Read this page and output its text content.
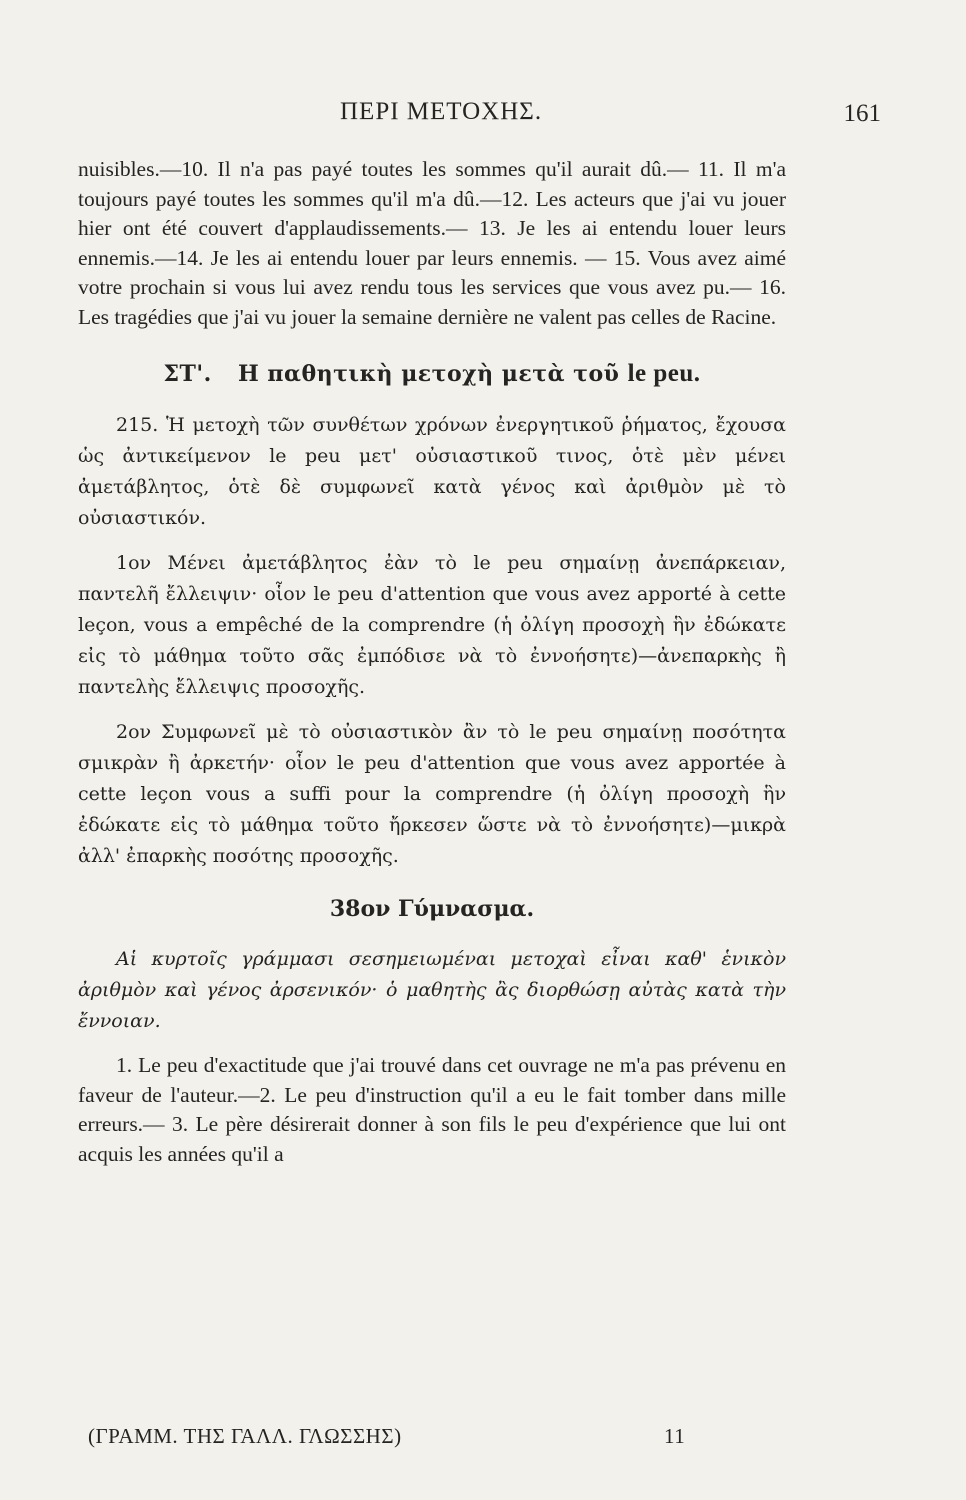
ΠΕΡΙ ΜΕΤΟΧΗΣ.	161

nuisibles.—10. Il n'a pas payé toutes les sommes qu'il aurait dû.— 11. Il m'a toujours payé toutes les sommes qu'il m'a dû.—12. Les acteurs que j'ai vu jouer hier ont été couvert d'applaudissements.— 13. Je les ai entendu louer leurs ennemis.—14. Je les ai entendu louer par leurs ennemis. — 15. Vous avez aimé votre prochain si vous lui avez rendu tous les services que vous avez pu.— 16. Les tragédies que j'ai vu jouer la semaine dernière ne valent pas celles de Racine.

ΣΤ'. Η παθητικὴ μετοχὴ μετὰ τοῦ le peu.

215. Ἡ μετοχὴ τῶν συνθέτων χρόνων ἐνεργητικοῦ ῥήματος, ἔχουσα ὡς ἀντικείμενον le peu μετ' οὐσιαστικοῦ τινος, ὁτὲ μὲν μένει ἀμετάβλητος, ὁτὲ δὲ συμφωνεῖ κατὰ γένος καὶ ἀριθμὸν μὲ τὸ οὐσιαστικόν.

1ον Μένει ἀμετάβλητος ἐὰν τὸ le peu σημαίνῃ ἀνεπάρκειαν, παντελῆ ἔλλειψιν· οἷον le peu d'attention que vous avez apporté à cette leçon, vous a empêché de la comprendre (ἡ ὀλίγη προσοχὴ ἣν ἐδώκατε εἰς τὸ μάθημα τοῦτο σᾶς ἐμπόδισε νὰ τὸ ἐννοήσητε)—ἀνεπαρκὴς ἢ παντελὴς ἔλλειψις προσοχῆς.

2ον Συμφωνεῖ μὲ τὸ οὐσιαστικὸν ἂν τὸ le peu σημαίνῃ ποσότητα σμικρὰν ἢ ἀρκετήν· οἷον le peu d'attention que vous avez apportée à cette leçon vous a suffi pour la comprendre (ἡ ὀλίγη προσοχὴ ἣν ἐδώκατε εἰς τὸ μάθημα τοῦτο ἤρκεσεν ὥστε νὰ τὸ ἐννοήσητε)—μικρὰ ἀλλ' ἐπαρκὴς ποσότης προσοχῆς.

38ον Γύμνασμα.

Αἱ κυρτοῖς γράμμασι σεσημειωμέναι μετοχαὶ εἶναι καθ' ἑνικὸν ἀριθμὸν καὶ γένος ἀρσενικόν· ὁ μαθητὴς ἂς διορθώσῃ αὐτὰς κατὰ τὴν ἔννοιαν.

1. Le peu d'exactitude que j'ai trouvé dans cet ouvrage ne m'a pas prévenu en faveur de l'auteur.—2. Le peu d'instruction qu'il a eu le fait tomber dans mille erreurs.— 3. Le père désirerait donner à son fils le peu d'expérience que lui ont acquis les années qu'il a

(ΓΡΑΜΜ. ΤΗΣ ΓΑΛΛ. ΓΛΩΣΣΗΣ)	11
